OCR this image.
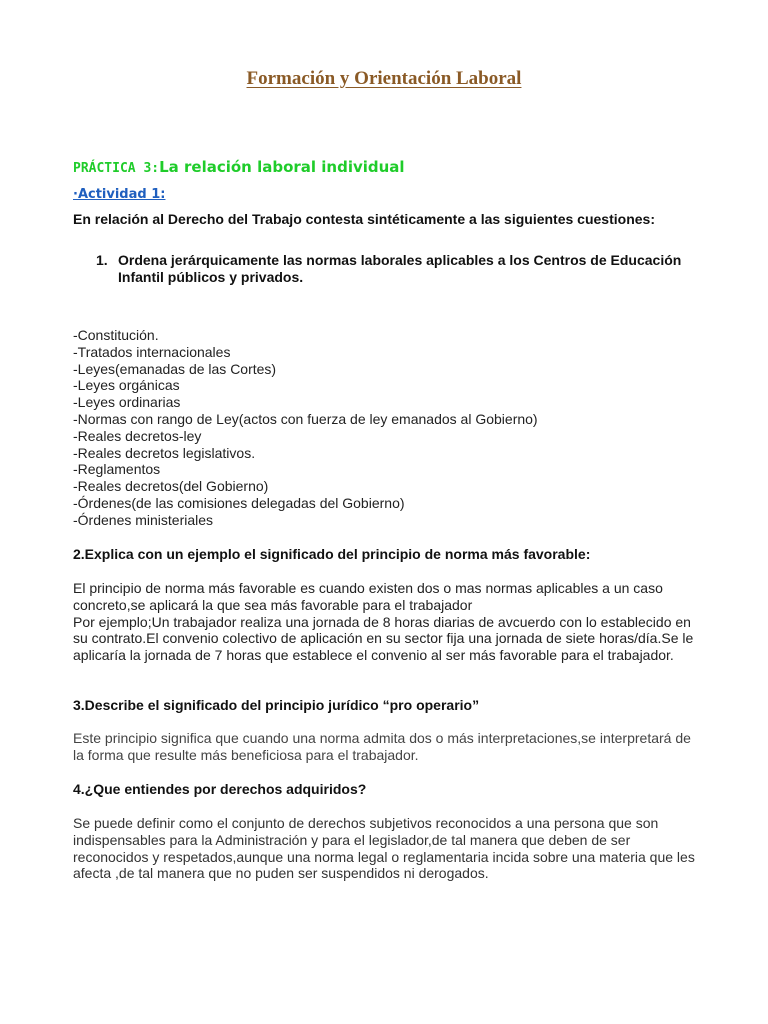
Formación y Orientación Laboral
PRÁCTICA 3:La relación laboral individual
·Actividad 1:
En relación al Derecho del Trabajo contesta sintéticamente a las siguientes cuestiones:
1. Ordena jerárquicamente las normas laborales aplicables a los Centros de Educación Infantil públicos y privados.
-Constitución.
-Tratados internacionales
-Leyes(emanadas de las Cortes)
-Leyes orgánicas
-Leyes ordinarias
-Normas con rango de Ley(actos con fuerza de ley emanados al Gobierno)
-Reales decretos-ley
-Reales decretos legislativos.
-Reglamentos
-Reales decretos(del Gobierno)
-Órdenes(de las comisiones delegadas del Gobierno)
-Órdenes ministeriales
2.Explica con un ejemplo el significado del principio de norma más favorable:
El principio de norma más favorable es cuando existen dos o mas normas aplicables a un caso concreto,se aplicará la que sea más favorable para el trabajador
Por ejemplo;Un trabajador realiza una jornada de 8 horas diarias de avcuerdo con lo establecido en su contrato.El convenio colectivo de aplicación en su sector fija una jornada de siete horas/día.Se le aplicaría la jornada de 7 horas que establece el convenio al ser más favorable para el trabajador.
3.Describe el significado del principio jurídico “pro operario”
Este principio significa que cuando una norma admita dos o más interpretaciones,se interpretará de la forma que resulte más beneficiosa para el trabajador.
4.¿Que entiendes por derechos adquiridos?
Se puede definir como el conjunto de derechos subjetivos reconocidos a una persona que son indispensables para la Administración y para el legislador,de tal manera que deben de ser reconocidos y respetados,aunque una norma legal o reglamentaria incida sobre una materia que les afecta ,de tal manera que no puden ser suspendidos ni derogados.
